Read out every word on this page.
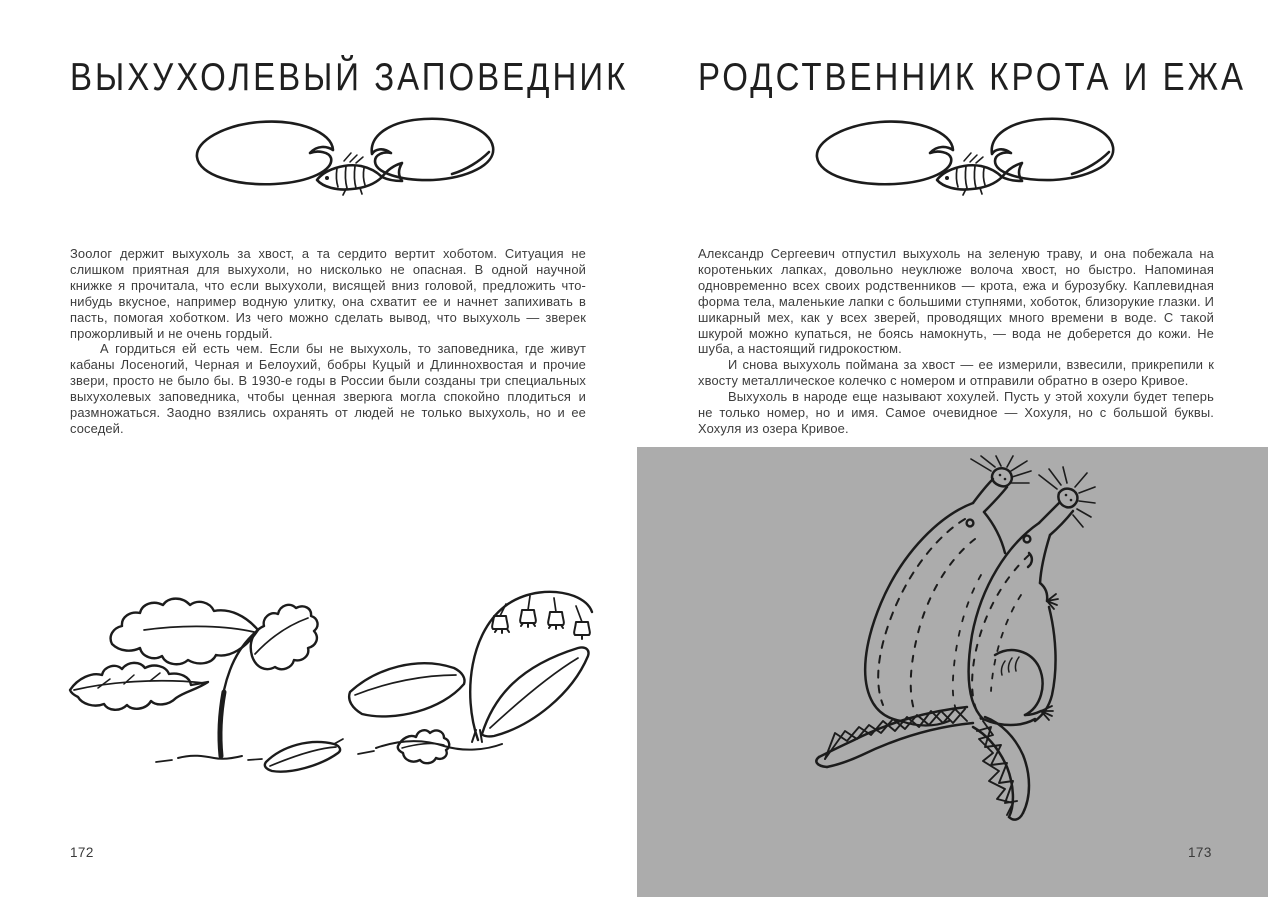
ВЫХУХОЛЕВЫЙ ЗАПОВЕДНИК

Зоолог держит выхухоль за хвост, а та сердито вертит хоботом. Ситуация не слишком приятная для выхухоли, но нисколько не опасная. В одной научной книжке я прочитала, что если выхухоли, висящей вниз головой, предложить что-нибудь вкусное, например водную улитку, она схватит ее и начнет запихивать в пасть, помогая хоботком. Из чего можно сделать вывод, что выхухоль — зверек прожорливый и не очень гордый.

А гордиться ей есть чем. Если бы не выхухоль, то заповедника, где живут кабаны Лосеногий, Черная и Белоухий, бобры Куцый и Длиннохвостая и прочие звери, просто не было бы. В 1930-е годы в России были созданы три специальных выхухолевых заповедника, чтобы ценная зверюга могла спокойно плодиться и размножаться. Заодно взялись охранять от людей не только выхухоль, но и ее соседей.

172
РОДСТВЕННИК КРОТА И ЕЖА

Александр Сергеевич отпустил выхухоль на зеленую траву, и она побежала на коротеньких лапках, довольно неуклюже волоча хвост, но быстро. Напоминая одновременно всех своих родственников — крота, ежа и бурозубку. Каплевидная форма тела, маленькие лапки с большими ступнями, хоботок, близорукие глазки. И шикарный мех, как у всех зверей, проводящих много времени в воде. С такой шкурой можно купаться, не боясь намокнуть, — вода не доберется до кожи. Не шуба, а настоящий гидрокостюм.

И снова выхухоль поймана за хвост — ее измерили, взвесили, прикрепили к хвосту металлическое колечко с номером и отправили обратно в озеро Кривое.

Выхухоль в народе еще называют хохулей. Пусть у этой хохули будет теперь не только номер, но и имя. Самое очевидное — Хохуля, но с большой буквы. Хохуля из озера Кривое.

173
